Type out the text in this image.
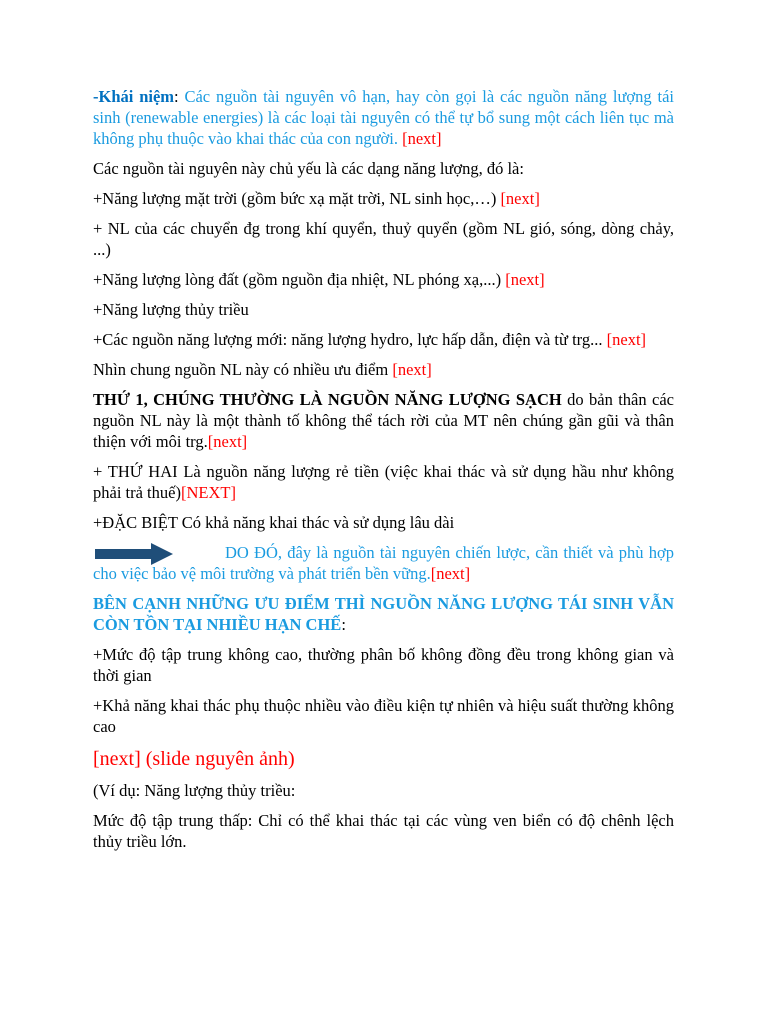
-Khái niệm: Các nguồn tài nguyên vô hạn, hay còn gọi là các nguồn năng lượng tái sinh (renewable energies) là các loại tài nguyên có thể tự bổ sung một cách liên tục mà không phụ thuộc vào khai thác của con người. [next]

Các nguồn tài nguyên này chủ yếu là các dạng năng lượng, đó là:

+Năng lượng mặt trời (gồm bức xạ mặt trời, NL sinh học,…) [next]

+ NL của các chuyển đg trong khí quyển, thuỷ quyển (gồm NL gió, sóng, dòng chảy, ...)

+Năng lượng lòng đất (gồm nguồn địa nhiệt, NL phóng xạ,...) [next]

+Năng lượng thủy triều

+Các nguồn năng lượng mới: năng lượng hydro, lực hấp dẫn, điện và từ trg... [next]

Nhìn chung nguồn NL này có nhiều ưu điểm [next]

THỨ 1, CHÚNG THƯỜNG LÀ NGUỒN NĂNG LƯỢNG SẠCH do bản thân các nguồn NL này là một thành tố không thể tách rời của MT nên chúng gần gũi và thân thiện với môi trg.[next]

+ THỨ HAI Là nguồn năng lượng rẻ tiền (việc khai thác và sử dụng hầu như không phải trả thuế)[NEXT]

+ĐẶC BIỆT Có khả năng khai thác và sử dụng lâu dài

DO ĐÓ, đây là nguồn tài nguyên chiến lược, cần thiết và phù hợp cho việc bảo vệ môi trường và phát triển bền vững.[next]

BÊN CẠNH NHỮNG ƯU ĐIỂM THÌ NGUỒN NĂNG LƯỢNG TÁI SINH VẪN CÒN TỒN TẠI NHIỀU HẠN CHẾ:

+Mức độ tập trung không cao, thường phân bố không đồng đều trong không gian và thời gian

+Khả năng khai thác phụ thuộc nhiều vào điều kiện tự nhiên và hiệu suất thường không cao

[next] (slide nguyên ảnh)

(Ví dụ: Năng lượng thủy triều:

Mức độ tập trung thấp: Chỉ có thể khai thác tại các vùng ven biển có độ chênh lệch thủy triều lớn.
